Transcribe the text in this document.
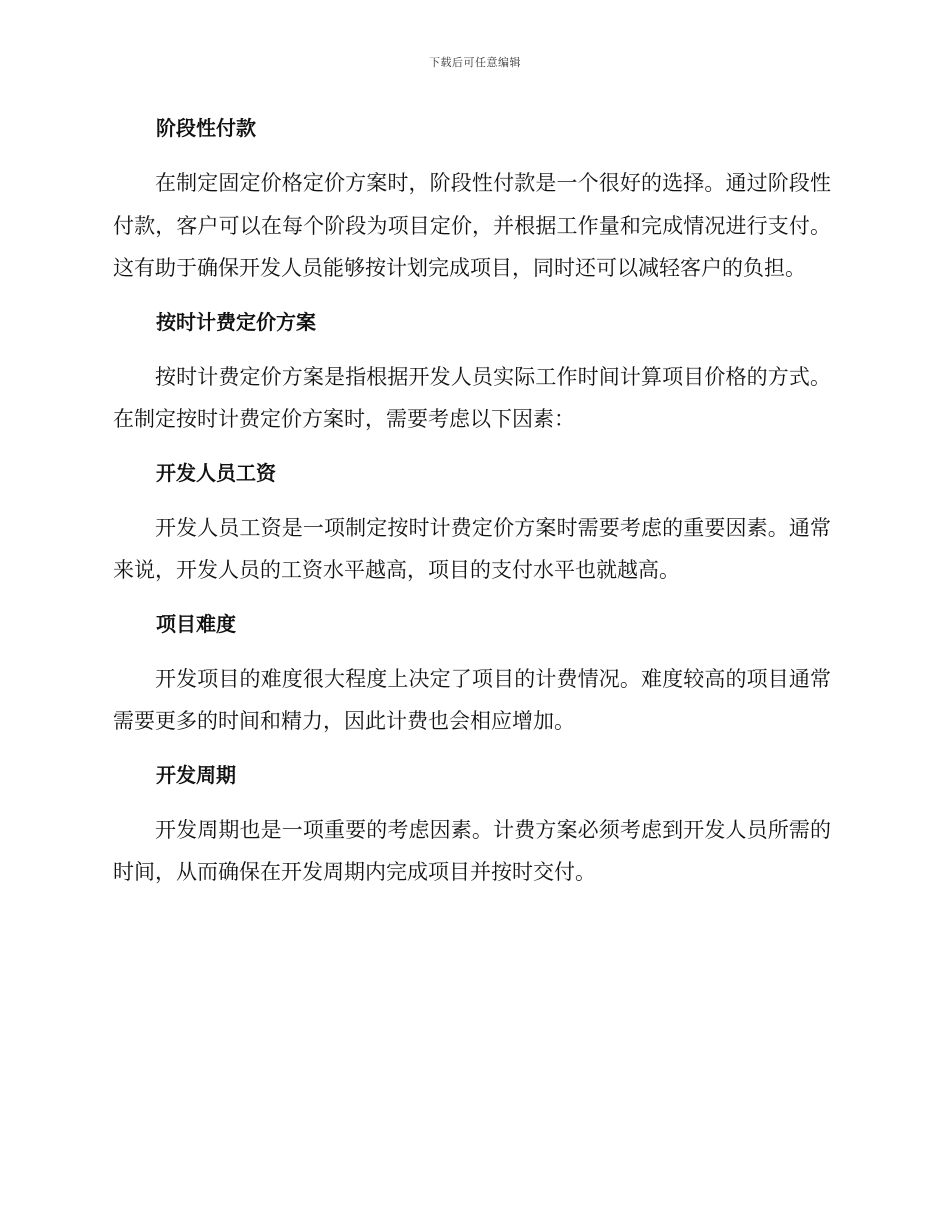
下载后可任意编辑
阶段性付款

在制定固定价格定价方案时，阶段性付款是一个很好的选择。通过阶段性付款，客户可以在每个阶段为项目定价，并根据工作量和完成情况进行支付。这有助于确保开发人员能够按计划完成项目，同时还可以减轻客户的负担。

按时计费定价方案

按时计费定价方案是指根据开发人员实际工作时间计算项目价格的方式。在制定按时计费定价方案时，需要考虑以下因素：

开发人员工资

开发人员工资是一项制定按时计费定价方案时需要考虑的重要因素。通常来说，开发人员的工资水平越高，项目的支付水平也就越高。

项目难度

开发项目的难度很大程度上决定了项目的计费情况。难度较高的项目通常需要更多的时间和精力，因此计费也会相应增加。

开发周期

开发周期也是一项重要的考虑因素。计费方案必须考虑到开发人员所需的时间，从而确保在开发周期内完成项目并按时交付。
